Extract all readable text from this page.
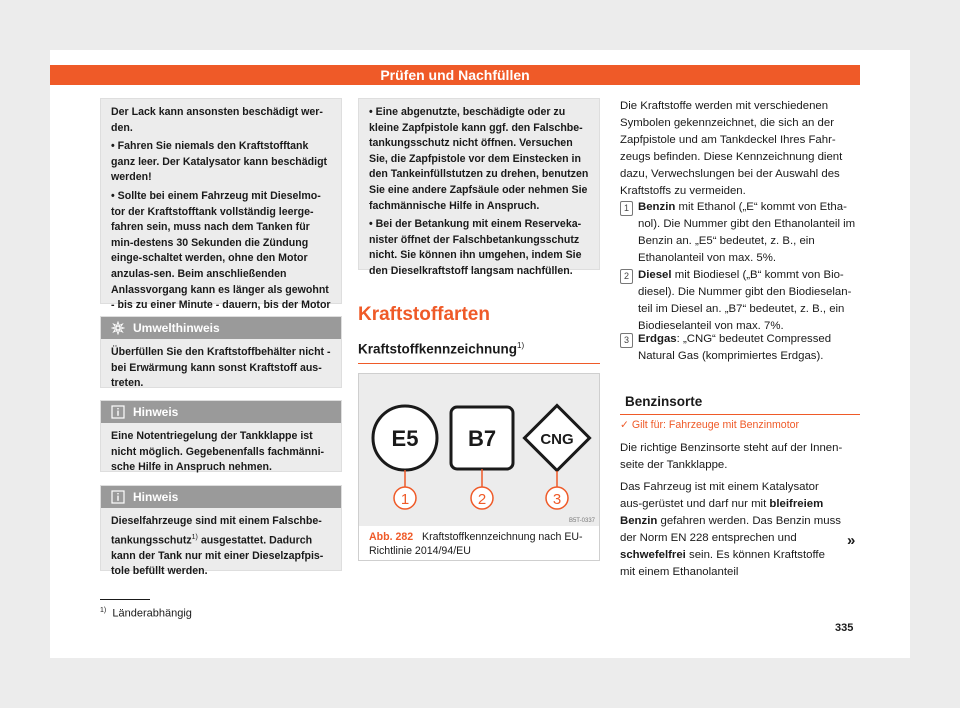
Prüfen und Nachfüllen

Der Lack kann ansonsten beschädigt wer-den.

• Fahren Sie niemals den Kraftstofftank ganz leer. Der Katalysator kann beschädigt werden!

• Sollte bei einem Fahrzeug mit Dieselmo-tor der Kraftstofftank vollständig leerge-fahren sein, muss nach dem Tanken für min-destens 30 Sekunden die Zündung einge-schaltet werden, ohne den Motor anzulas-sen. Beim anschließenden Anlassvorgang kann es länger als gewohnt - bis zu einer Minute - dauern, bis der Motor

Umwelthinweis

Überfüllen Sie den Kraftstoffbehälter nicht - bei Erwärmung kann sonst Kraftstoff aus-treten.

Hinweis

Eine Notentriegelung der Tankklappe ist nicht möglich. Gegebenenfalls fachmänni-sche Hilfe in Anspruch nehmen.

Hinweis

Dieselfahrzeuge sind mit einem Falschbe-tankungsschutz$^{1)}$ ausgestattet. Dadurch kann der Tank nur mit einer Dieselzapfpis-tole befüllt werden.

• Eine abgenutzte, beschädigte oder zu kleine Zapfpistole kann ggf. den Falschbe-tankungsschutz nicht öffnen. Versuchen Sie, die Zapfpistole vor dem Einstecken in den Tankeinfüllstutzen zu drehen, benutzen Sie eine andere Zapfsäule oder nehmen Sie fachmännische Hilfe in Anspruch.

• Bei der Betankung mit einem Reserveka-nister öffnet der Falschbetankungsschutz nicht. Sie können ihn umgehen, indem Sie den Dieselkraftstoff langsam nachfüllen.

Kraftstoffarten
Kraftstoffkennzeichnung$^{1)}$
E5 B7	CNG
1	2	3
B5T-0337
Abb. 282 Kraftstoffkennzeichnung nach EU-Richtlinie 2014/94/EU
Die Kraftstoffe werden mit verschiedenen Symbolen gekennzeichnet, die sich an der Zapfpistole und am Tankdeckel Ihres Fahr-zeugs befinden. Diese Kennzeichnung dient dazu, Verwechslungen bei der Auswahl des Kraftstoffs zu vermeiden.
1 Benzin mit Ethanol („E“ kommt von Etha-nol). Die Nummer gibt den Ethanolanteil im Benzin an. „E5“ bedeutet, z. B., ein Ethanolanteil von max. 5%.
2 Diesel mit Biodiesel („B“ kommt von Bio-diesel). Die Nummer gibt den Biodieselan-teil im Diesel an. „B7“ bedeutet, z. B., ein Biodieselanteil von max. 7%.
3 Erdgas: „CNG“ bedeutet Compressed Natural Gas (komprimiertes Erdgas).
Benzinsorte
✓ Gilt für: Fahrzeuge mit Benzinmotor
Die richtige Benzinsorte steht auf der Innen-seite der Tankklappe.
Das Fahrzeug ist mit einem Katalysator aus-gerüstet und darf nur mit bleifreiem Benzin gefahren werden. Das Benzin muss der Norm EN 228 entsprechen und schwefelfrei sein. Es können Kraftstoffe mit einem Ethanolanteil
»
$^{1)}$ Länderabhängig
335
